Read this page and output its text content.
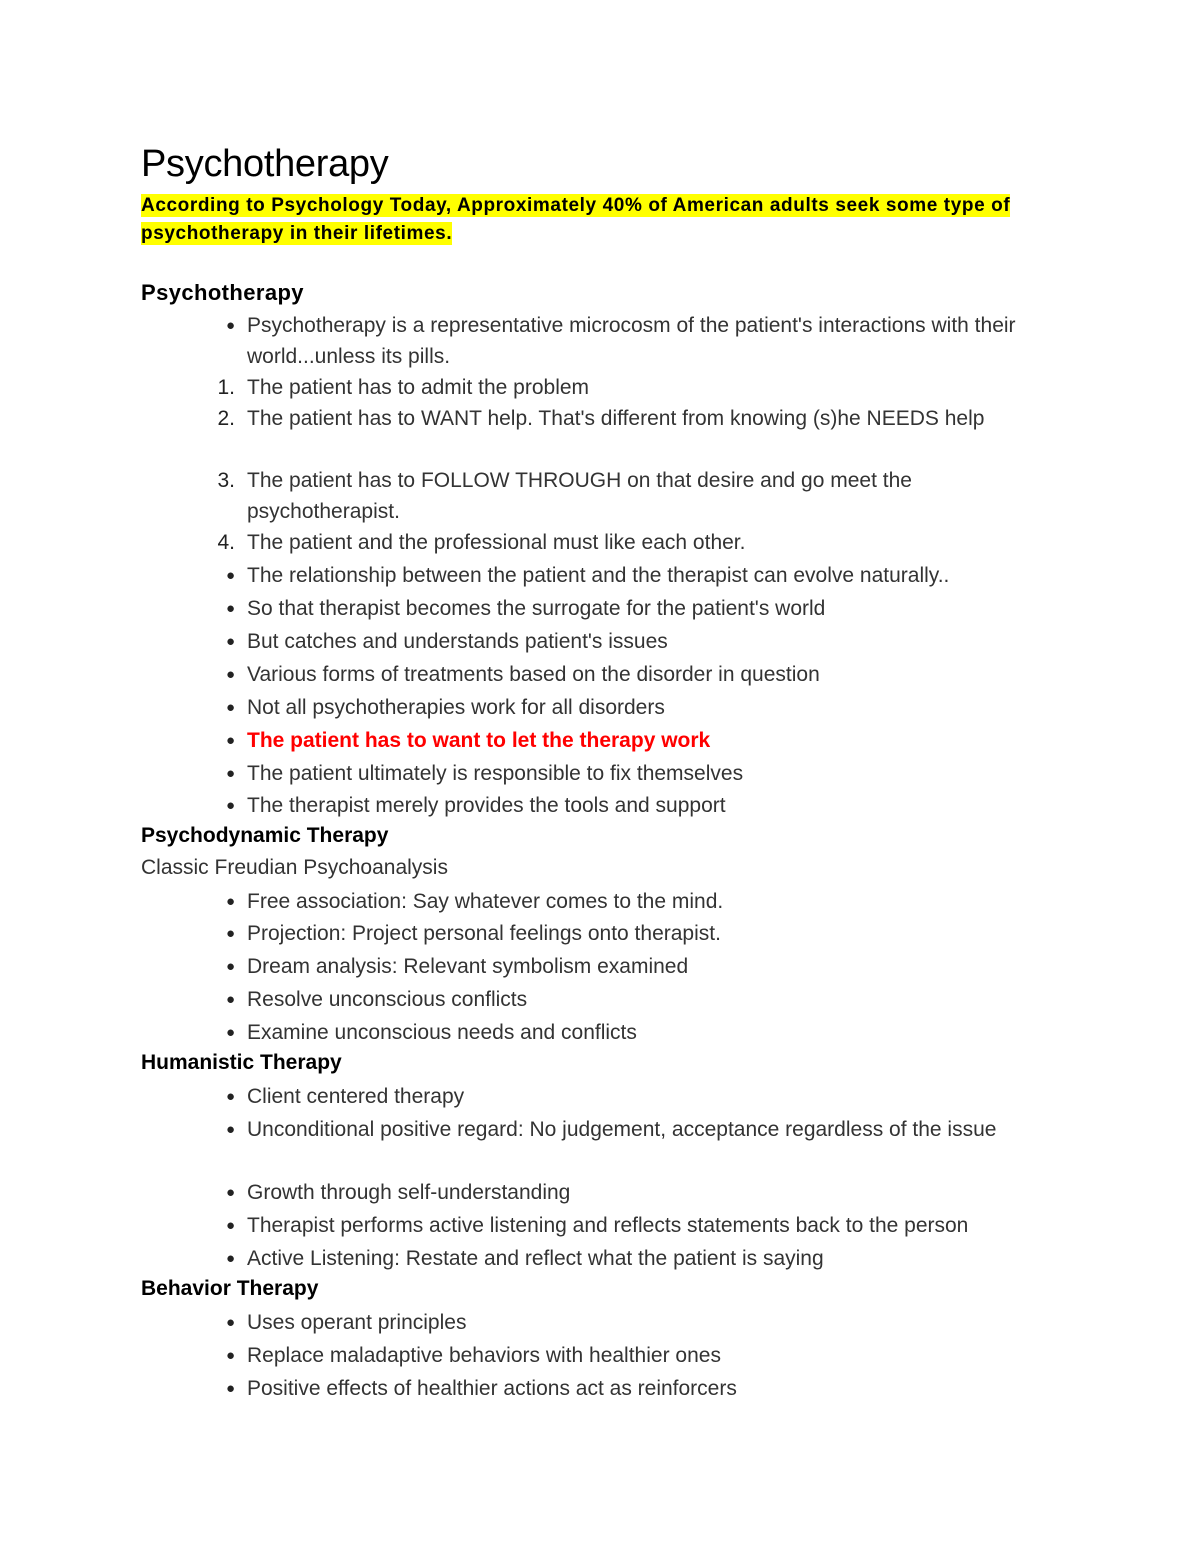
Psychotherapy
According to Psychology Today, Approximately 40% of American adults seek some type of psychotherapy in their lifetimes.
Psychotherapy
● Psychotherapy is a representative microcosm of the patient's interactions with their world...unless its pills.
1. The patient has to admit the problem
2. The patient has to WANT help. That's different from knowing (s)he NEEDS help
3. The patient has to FOLLOW THROUGH on that desire and go meet the psychotherapist.
4. The patient and the professional must like each other.
● The relationship between the patient and the therapist can evolve naturally..
● So that therapist becomes the surrogate for the patient's world
● But catches and understands patient's issues
● Various forms of treatments based on the disorder in question
● Not all psychotherapies work for all disorders
● The patient has to want to let the therapy work
● The patient ultimately is responsible to fix themselves
● The therapist merely provides the tools and support
Psychodynamic Therapy
Classic Freudian Psychoanalysis
● Free association: Say whatever comes to the mind.
● Projection: Project personal feelings onto therapist.
● Dream analysis: Relevant symbolism examined
● Resolve unconscious conflicts
● Examine unconscious needs and conflicts
Humanistic Therapy
● Client centered therapy
● Unconditional positive regard: No judgement, acceptance regardless of the issue
● Growth through self-understanding
● Therapist performs active listening and reflects statements back to the person
● Active Listening: Restate and reflect what the patient is saying
Behavior Therapy
● Uses operant principles
● Replace maladaptive behaviors with healthier ones
● Positive effects of healthier actions act as reinforcers
